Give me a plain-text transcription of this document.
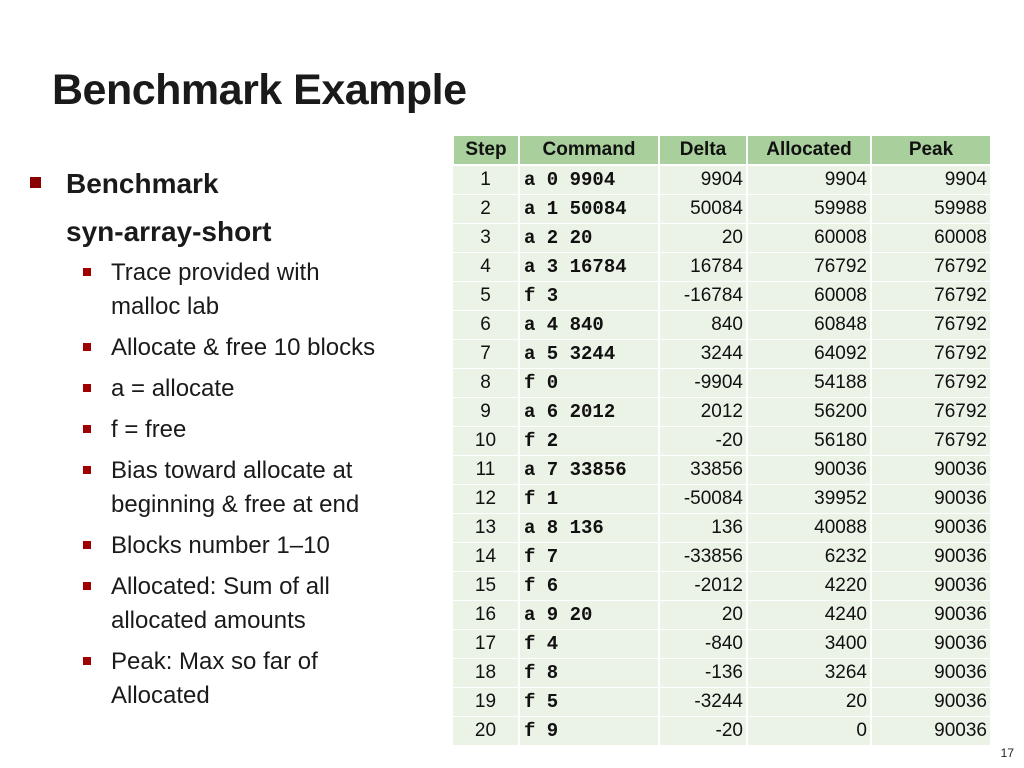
Benchmark Example
Benchmark
syn-array-short
Trace provided with malloc lab
Allocate & free 10 blocks
a = allocate
f = free
Bias toward allocate at beginning & free at end
Blocks number 1–10
Allocated: Sum of all allocated amounts
Peak: Max so far of Allocated
Step	Command	Delta	Allocated	Peak
1	a 0 9904	9904	9904	9904
2	a 1 50084	50084	59988	59988
3	a 2 20	20	60008	60008
4	a 3 16784	16784	76792	76792
5	f 3	-16784	60008	76792
6	a 4 840	840	60848	76792
7	a 5 3244	3244	64092	76792
8	f 0	-9904	54188	76792
9	a 6 2012	2012	56200	76792
10	f 2	-20	56180	76792
11	a 7 33856	33856	90036	90036
12	f 1	-50084	39952	90036
13	a 8 136	136	40088	90036
14	f 7	-33856	6232	90036
15	f 6	-2012	4220	90036
16	a 9 20	20	4240	90036
17	f 4	-840	3400	90036
18	f 8	-136	3264	90036
19	f 5	-3244	20	90036
20	f 9	-20	0	90036
17
